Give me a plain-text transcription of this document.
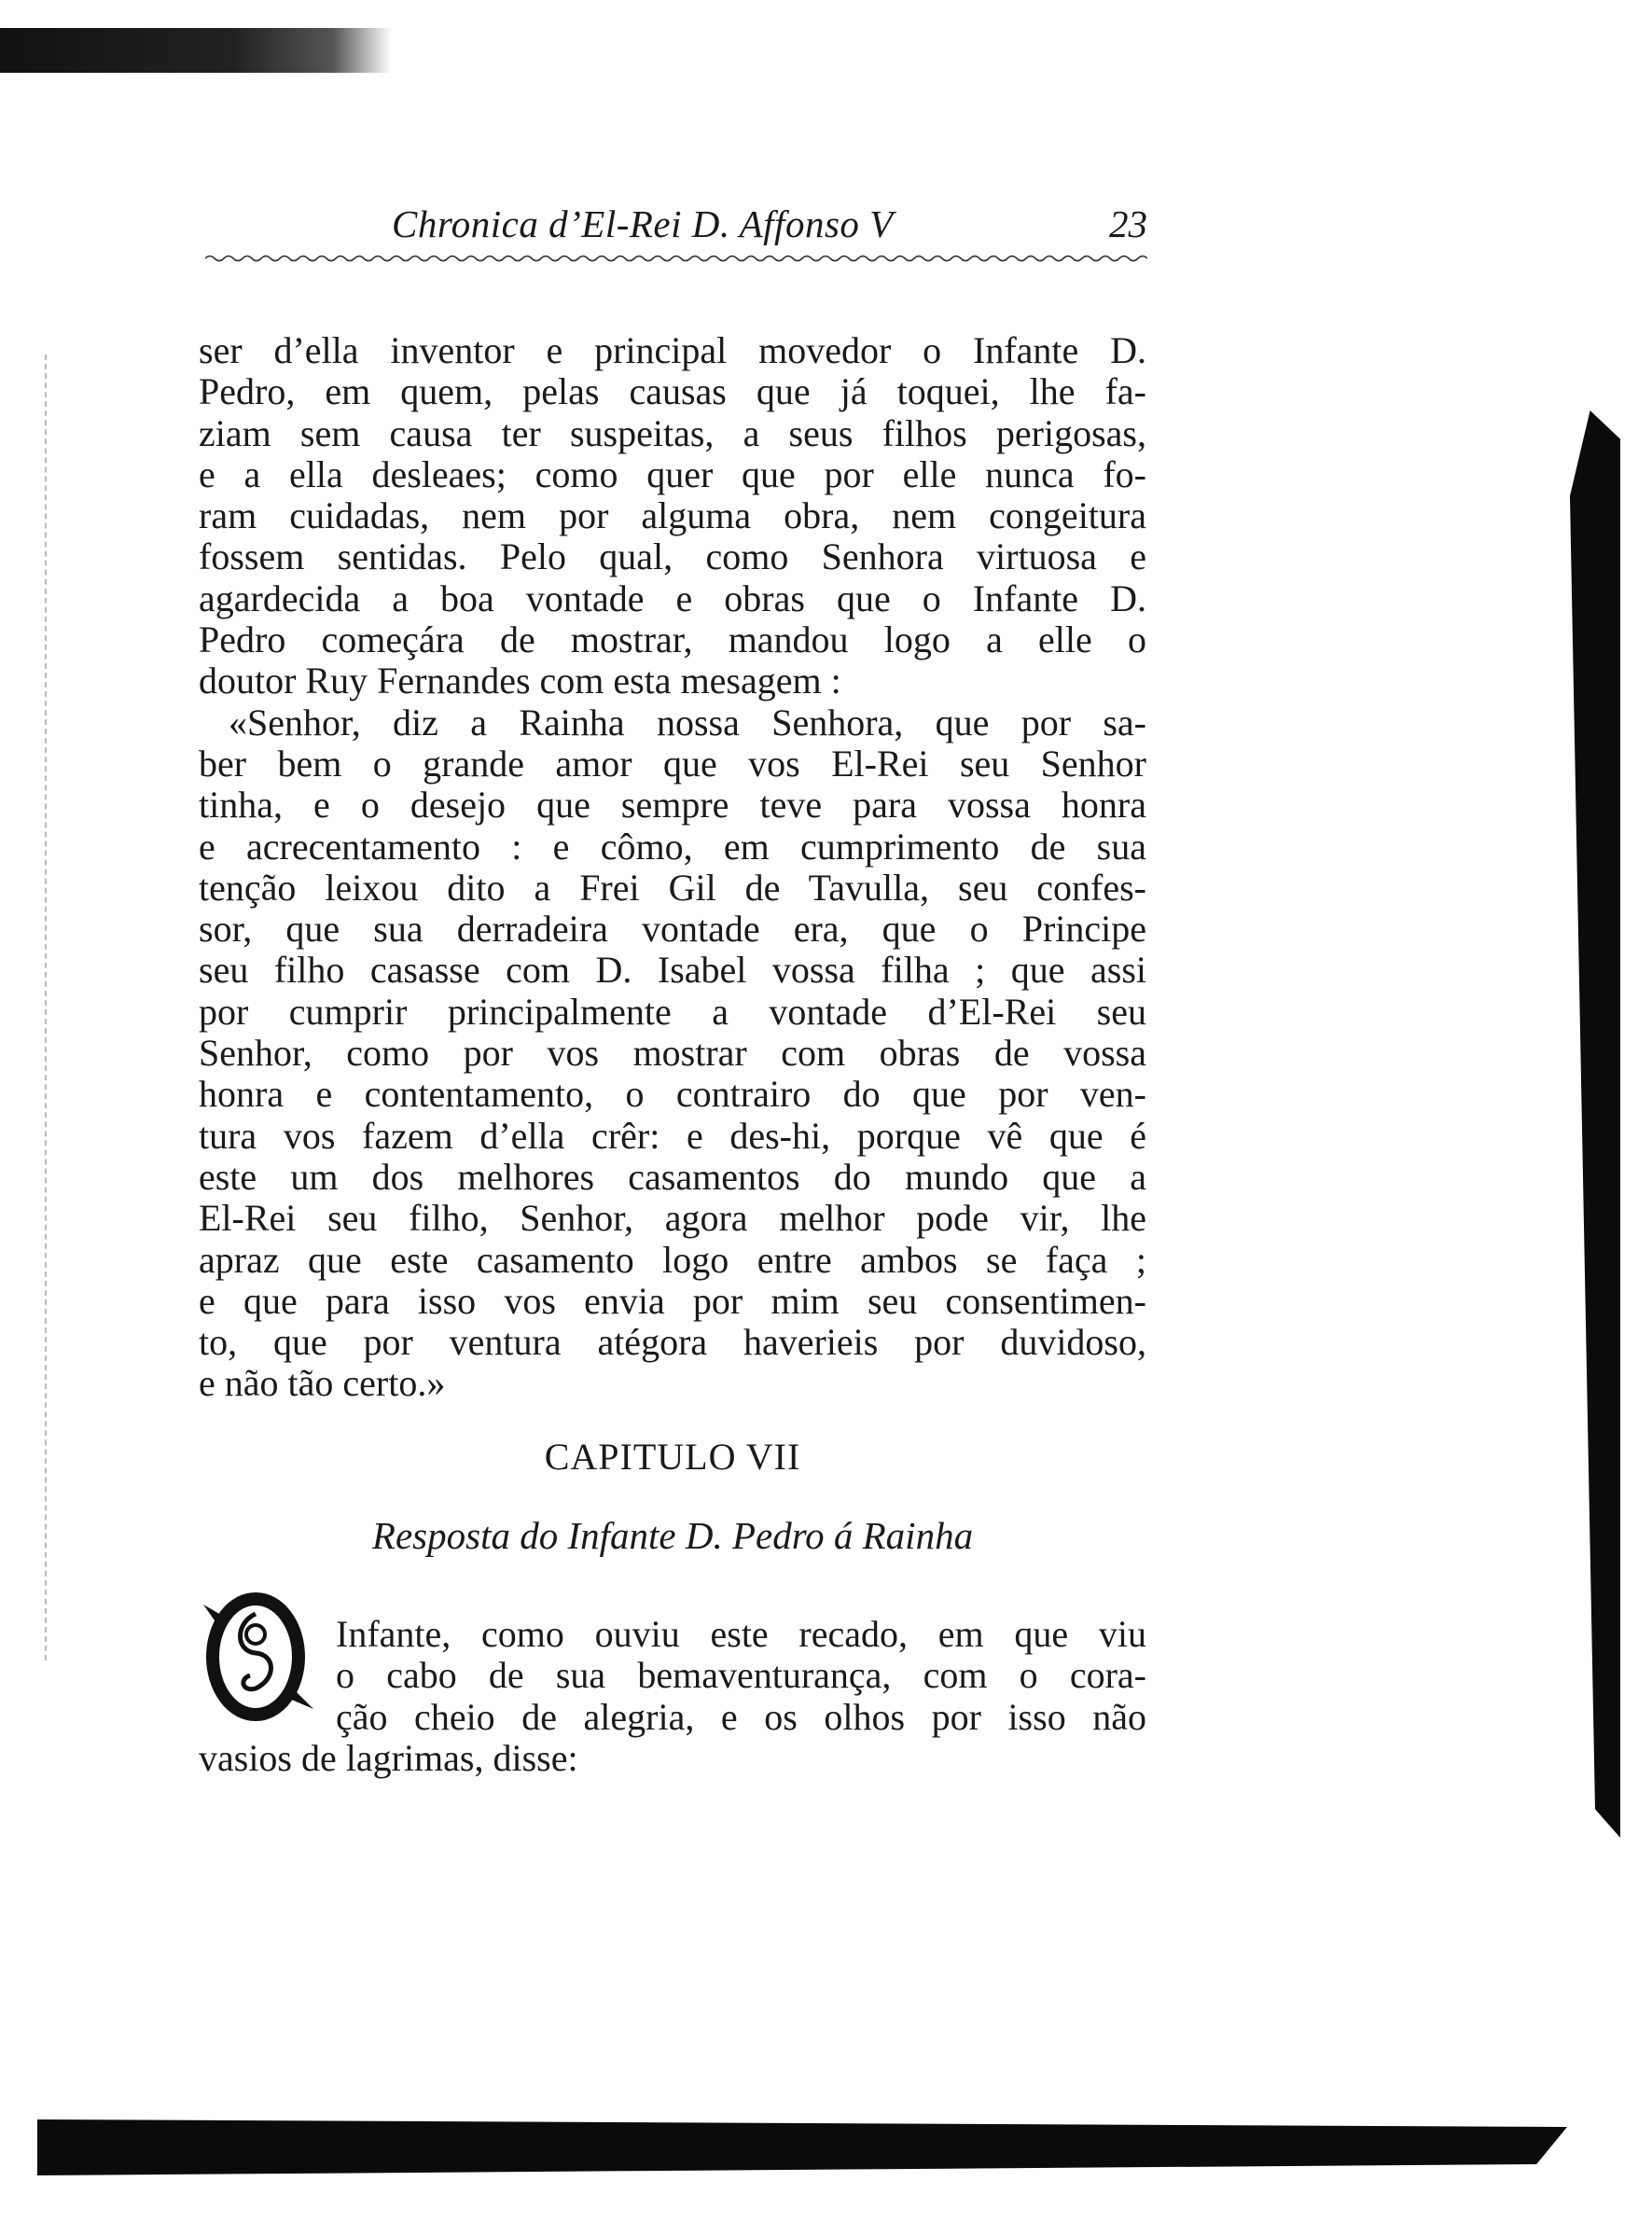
Chronica d’El-Rei D. Affonso V	23
ser d’ella inventor e principal movedor o Infante D.
Pedro, em quem, pelas causas que já toquei, lhe fa-
ziam sem causa ter suspeitas, a seus filhos perigosas,
e a ella desleaes; como quer que por elle nunca fo-
ram cuidadas, nem por alguma obra, nem congeitura
fossem sentidas. Pelo qual, como Senhora virtuosa e
agardecida a boa vontade e obras que o Infante D.
Pedro começára de mostrar, mandou logo a elle o
doutor Ruy Fernandes com esta mesagem :
«Senhor, diz a Rainha nossa Senhora, que por sa-
ber bem o grande amor que vos El-Rei seu Senhor
tinha, e o desejo que sempre teve para vossa honra
e acrecentamento : e cômo, em cumprimento de sua
tenção leixou dito a Frei Gil de Tavulla, seu confes-
sor, que sua derradeira vontade era, que o Principe
seu filho casasse com D. Isabel vossa filha ; que assi
por cumprir principalmente a vontade d’El-Rei seu
Senhor, como por vos mostrar com obras de vossa
honra e contentamento, o contrairo do que por ven-
tura vos fazem d’ella crêr: e des-hi, porque vê que é
este um dos melhores casamentos do mundo que a
El-Rei seu filho, Senhor, agora melhor pode vir, lhe
apraz que este casamento logo entre ambos se faça ;
e que para isso vos envia por mim seu consentimen-
to, que por ventura atégora haverieis por duvidoso,
e não tão certo.»
CAPITULO VII
Resposta do Infante D. Pedro á Rainha
Infante, como ouviu este recado, em que viu
o cabo de sua bemaventurança, com o cora-
ção cheio de alegria, e os olhos por isso não
vasios de lagrimas, disse:
